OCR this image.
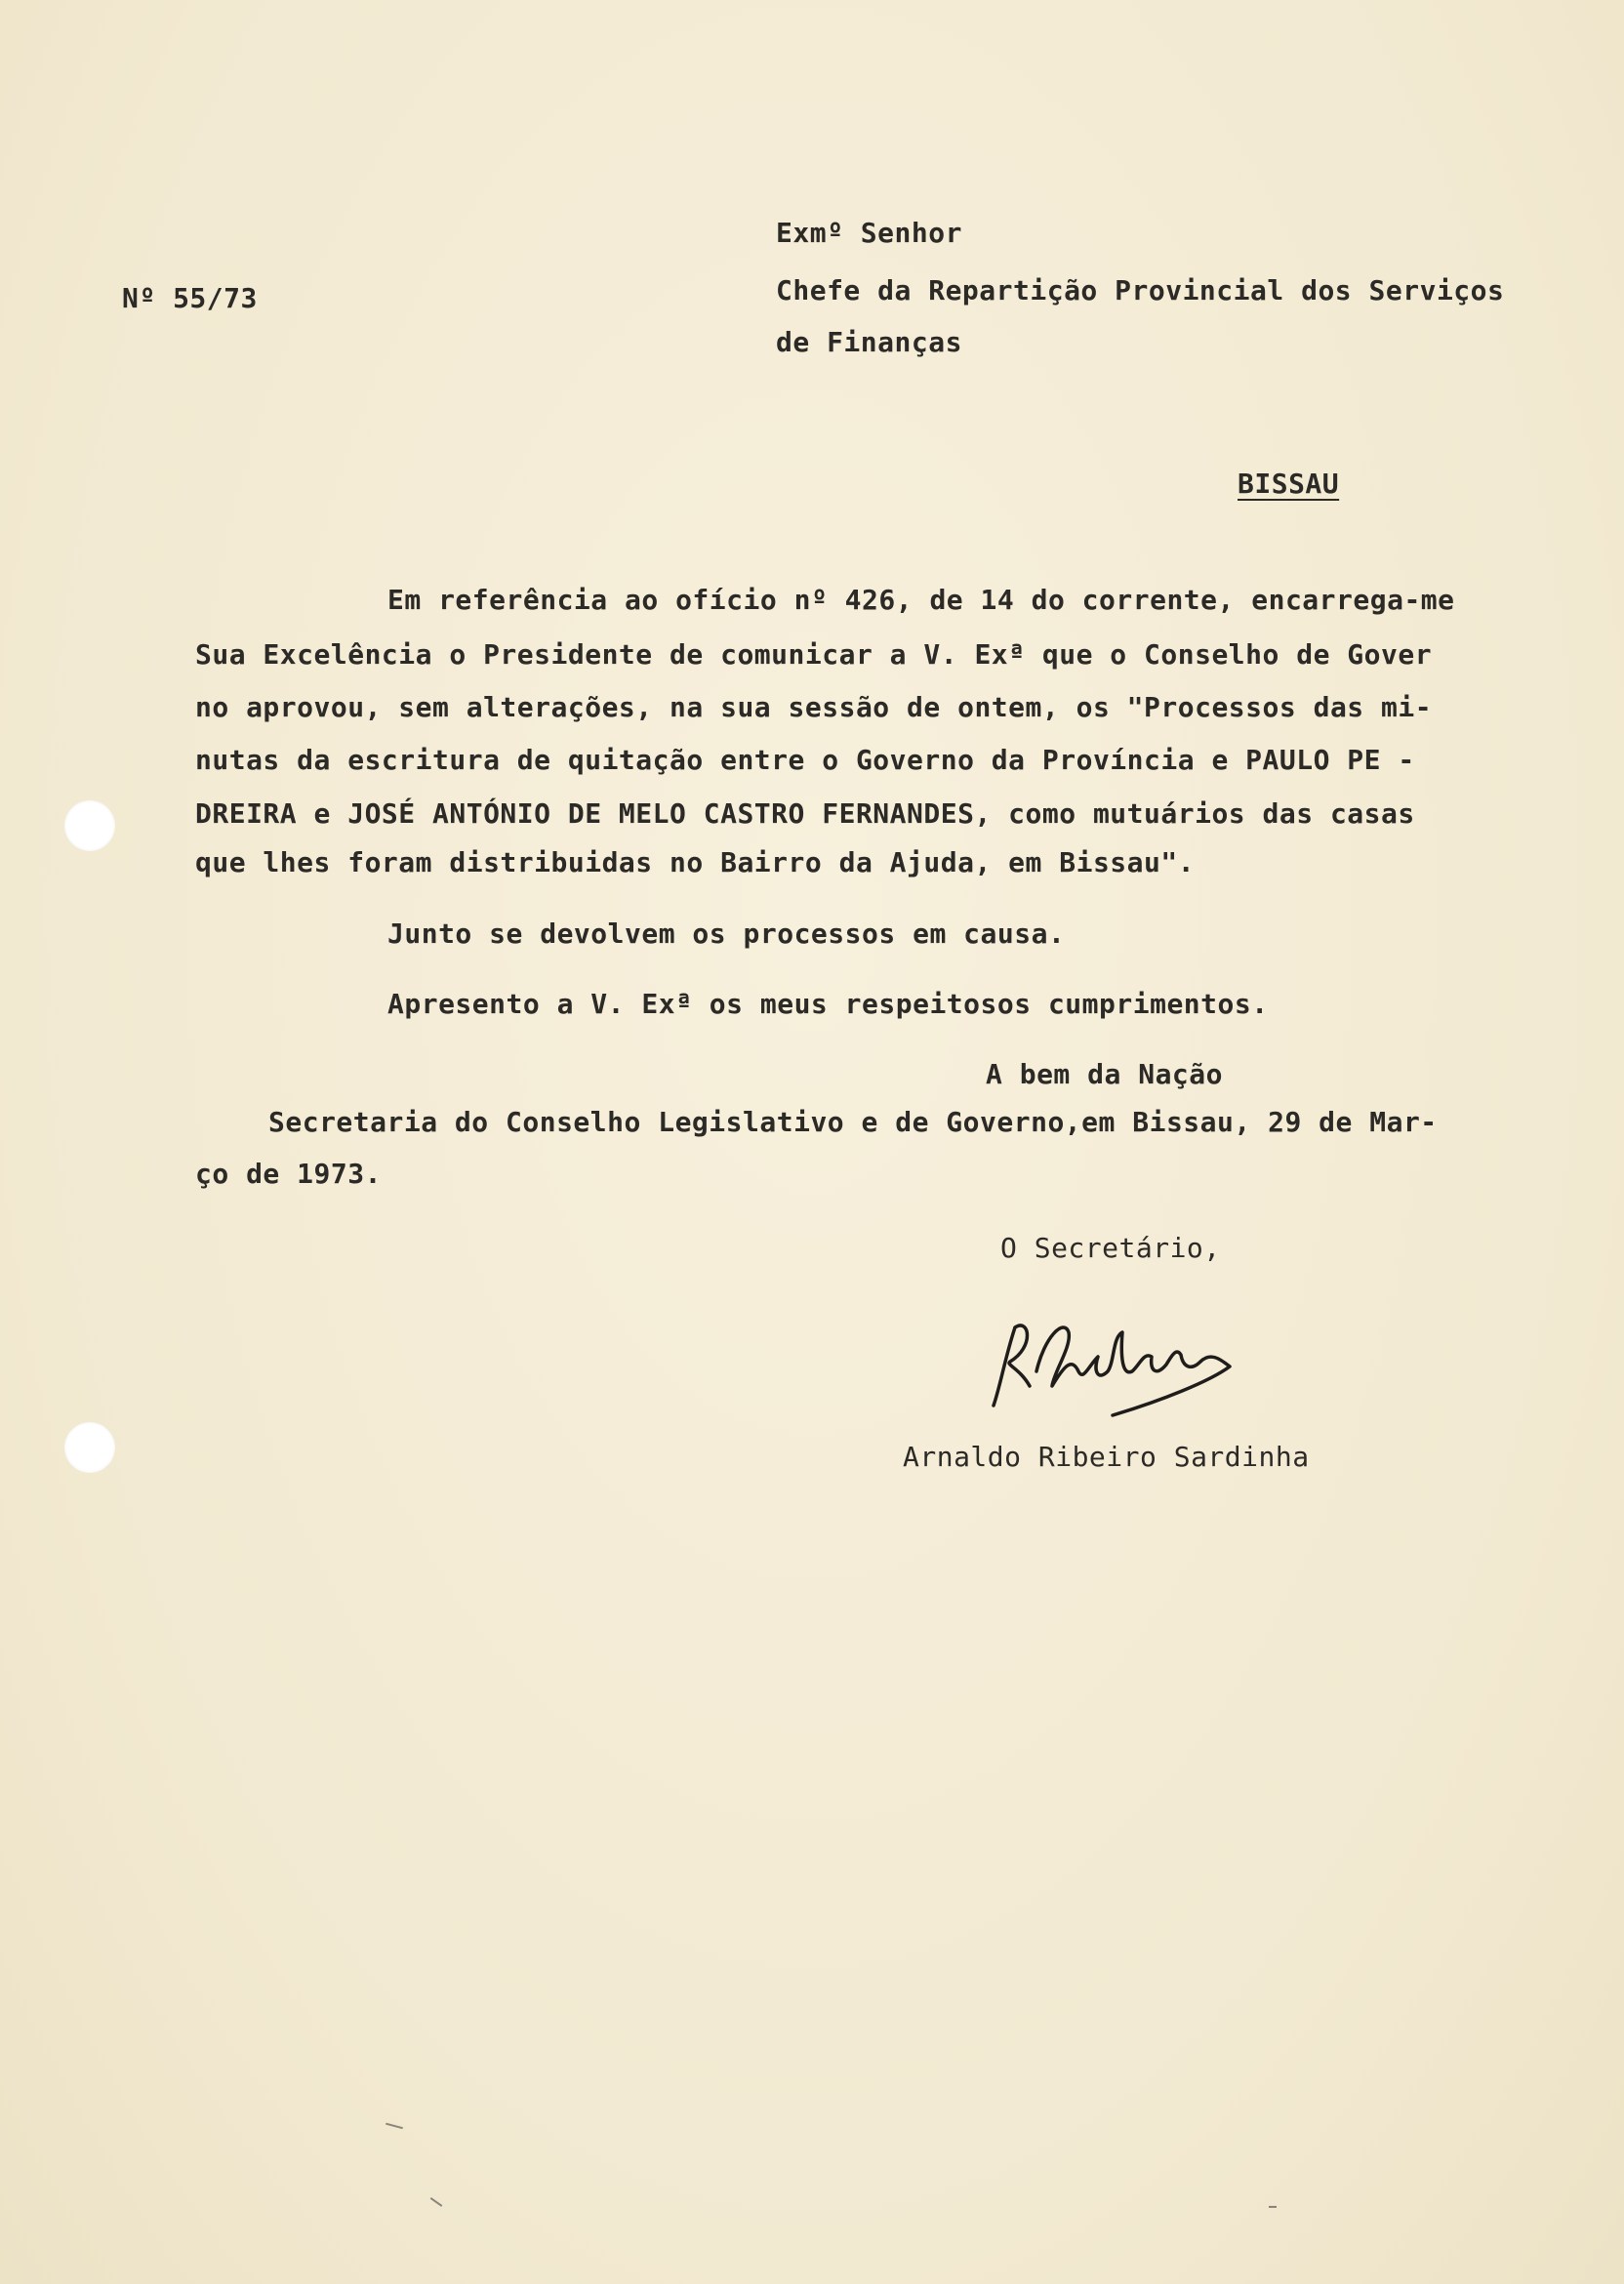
Exmº Senhor
Nº 55/73	Chefe da Repartição Provincial dos Serviços
de Finanças
BISSAU
Em referência ao ofício nº 426, de 14 do corrente, encarrega-me
Sua Excelência o Presidente de comunicar a V. Exª que o Conselho de Gover
no aprovou, sem alterações, na sua sessão de ontem, os "Processos das mi-
nutas da escritura de quitação entre o Governo da Província e PAULO PE -
DREIRA e JOSÉ ANTÓNIO DE MELO CASTRO FERNANDES, como mutuários das casas
que lhes foram distribuidas no Bairro da Ajuda, em Bissau".
Junto se devolvem os processos em causa.
Apresento a V. Exª os meus respeitosos cumprimentos.
A bem da Nação
Secretaria do Conselho Legislativo e de Governo,em Bissau, 29 de Mar-
ço de 1973.
O Secretário,
Arnaldo Ribeiro Sardinha
